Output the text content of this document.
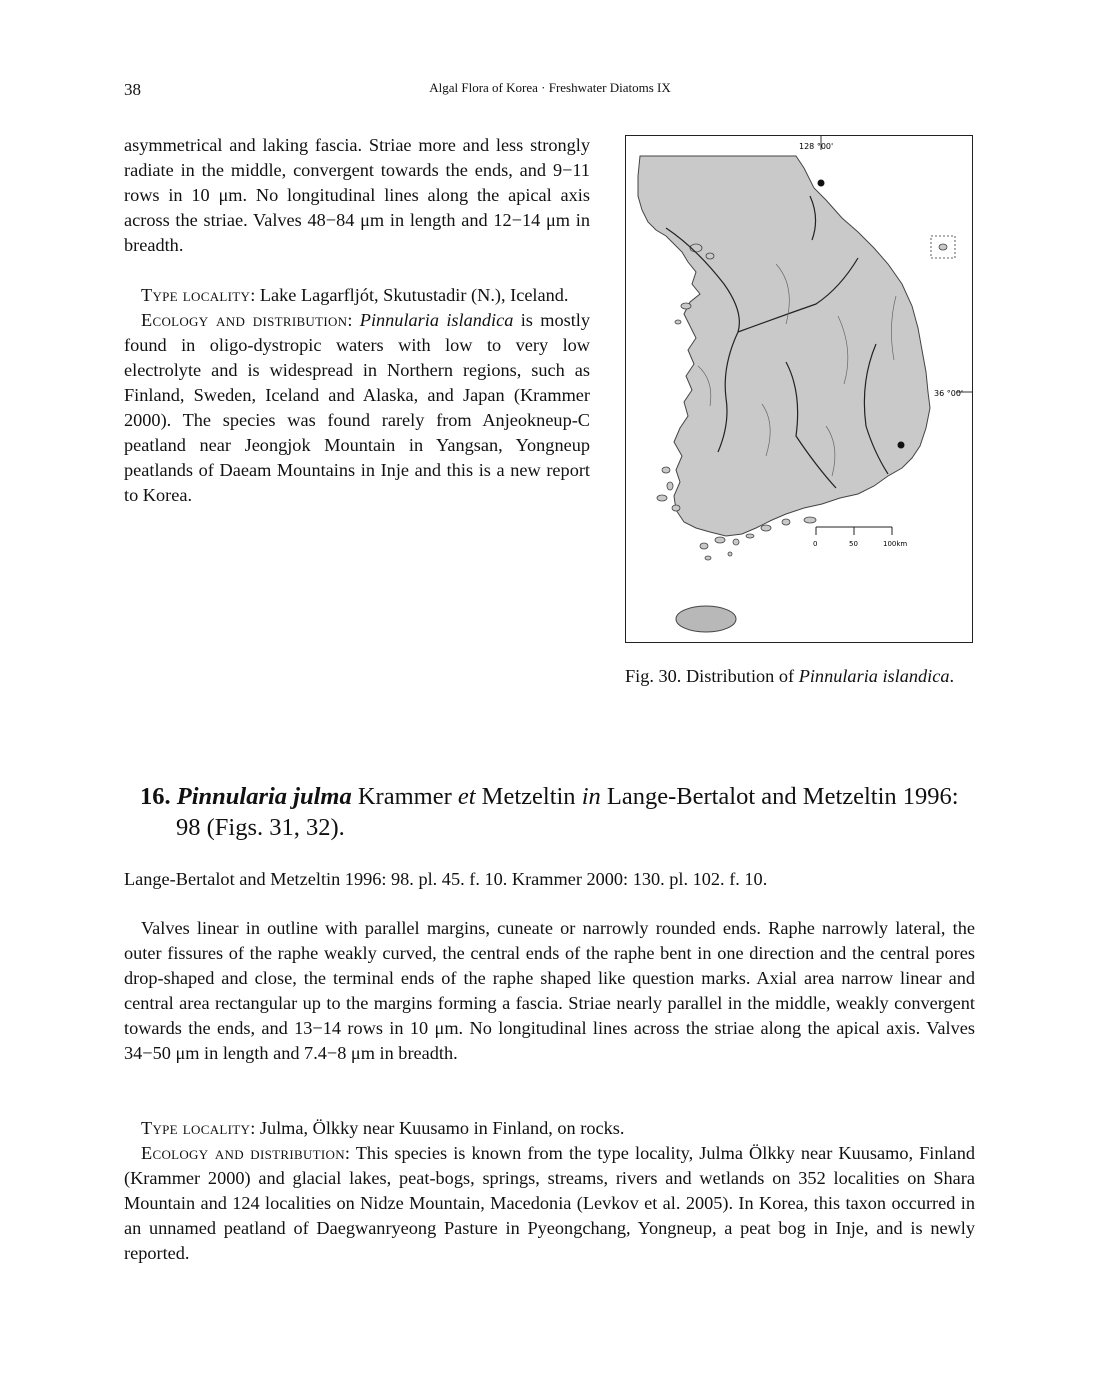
38	Algal Flora of Korea · Freshwater Diatoms IX

asymmetrical and laking fascia. Striae more and less strongly radiate in the middle, convergent towards the ends, and 9−11 rows in 10 μm. No longitudinal lines along the apical axis across the striae. Valves 48−84 μm in length and 12−14 μm in breadth.

Type locality: Lake Lagarfljót, Skutustadir (N.), Iceland.

Ecology and distribution: Pinnularia islandica is mostly found in oligo-dystropic waters with low to very low electrolyte and is widespread in Northern regions, such as Finland, Sweden, Iceland and Alaska, and Japan (Krammer 2000). The species was found rarely from Anjeokneup-C peatland near Jeongjok Mountain in Yangsan, Yongneup peatlands of Daeam Mountains in Inje and this is a new report to Korea.

128 °00'
36 °00'
0	50	100km
Fig. 30. Distribution of Pinnularia islandica.
16. Pinnularia julma Krammer et Metzeltin in Lange-Bertalot and Metzeltin 1996: 98 (Figs. 31, 32).

Lange-Bertalot and Metzeltin 1996: 98. pl. 45. f. 10. Krammer 2000: 130. pl. 102. f. 10.

Valves linear in outline with parallel margins, cuneate or narrowly rounded ends. Raphe narrowly lateral, the outer fissures of the raphe weakly curved, the central ends of the raphe bent in one direction and the central pores drop-shaped and close, the terminal ends of the raphe shaped like question marks. Axial area narrow linear and central area rectangular up to the margins forming a fascia. Striae nearly parallel in the middle, weakly convergent towards the ends, and 13−14 rows in 10 μm. No longitudinal lines across the striae along the apical axis. Valves 34−50 μm in length and 7.4−8 μm in breadth.

Type locality: Julma, Ölkky near Kuusamo in Finland, on rocks.

Ecology and distribution: This species is known from the type locality, Julma Ölkky near Kuusamo, Finland (Krammer 2000) and glacial lakes, peat-bogs, springs, streams, rivers and wetlands on 352 localities on Shara Mountain and 124 localities on Nidze Mountain, Macedonia (Levkov et al. 2005). In Korea, this taxon occurred in an unnamed peatland of Daegwanryeong Pasture in Pyeongchang, Yongneup, a peat bog in Inje, and is newly reported.
